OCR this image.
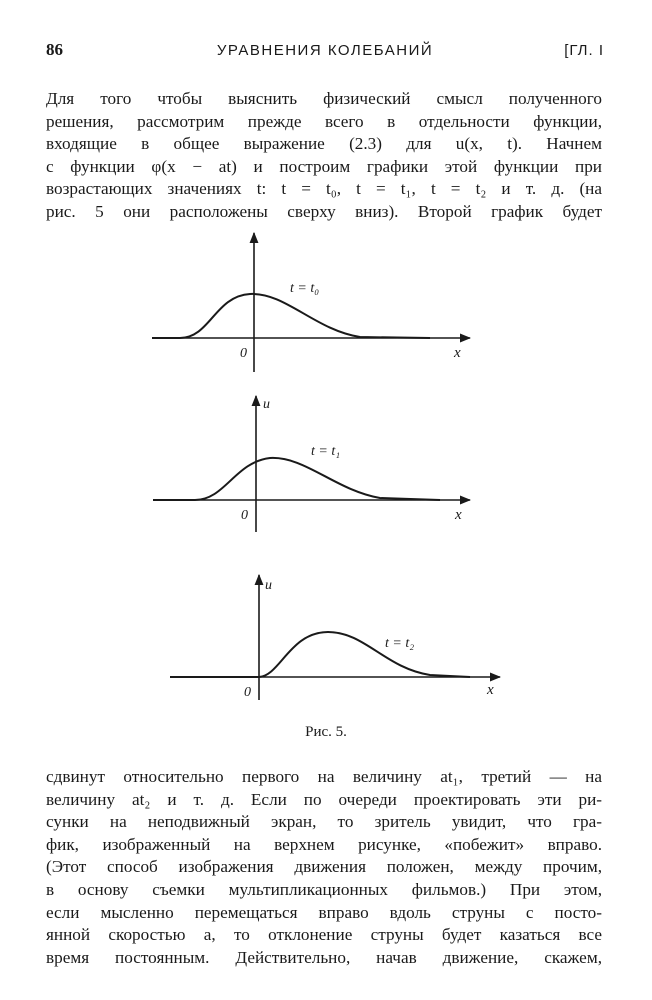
86	УРАВНЕНИЯ КОЛЕБАНИЙ	[ГЛ. I
Для того чтобы выяснить физический смысл полученного
решения, рассмотрим прежде всего в отдельности функции,
входящие в общее выражение (2.3) для u(x, t). Начнем
с функции φ(x − at) и построим графики этой функции при
возрастающих значениях t: t = t₀, t = t₁, t = t₂ и т. д. (на
рис. 5 они расположены сверху вниз). Второй график будет
0	x
t = t₀
u
0	x
t = t₁
u
0	x
t = t₂
Рис. 5.
сдвинут относительно первого на величину at₁, третий — на
величину at₂ и т. д. Если по очереди проектировать эти ри-
сунки на неподвижный экран, то зритель увидит, что гра-
фик, изображенный на верхнем рисунке, «побежит» вправо.
(Этот способ изображения движения положен, между прочим,
в основу съемки мультипликационных фильмов.) При этом,
если мысленно перемещаться вправо вдоль струны с посто-
янной скоростью a, то отклонение струны будет казаться все
время постоянным. Действительно, начав движение, скажем,
